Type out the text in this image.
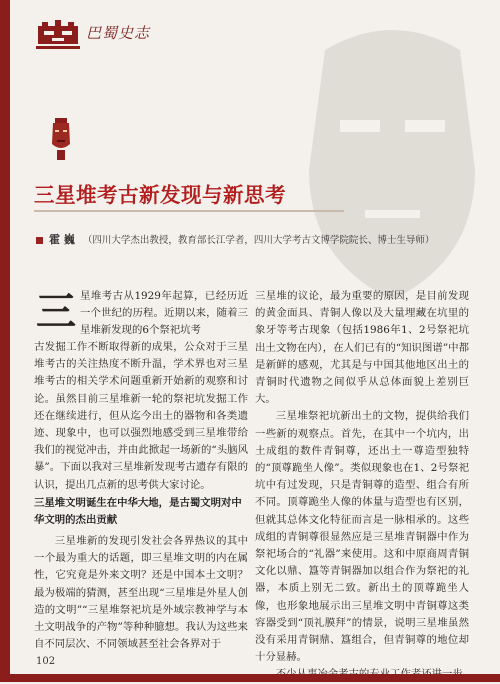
巴蜀史志
三星堆考古新发现与新思考
霍 巍 （四川大学杰出教授，教育部长江学者，四川大学考古文博学院院长、博士生导师）
三 星堆考古从1929年起算，已经历近一个世纪的历程。近期以来，随着三星堆新发现的6个祭祀坑考
古发掘工作不断取得新的成果，公众对于三星堆考古的关注热度不断升温，学术界也对三星堆考古的相关学术问题重新开始新的观察和讨论。虽然目前三星堆新一轮的祭祀坑发掘工作还在继续进行，但从迄今出土的器物和各类遗迹、现象中，也可以强烈地感受到三星堆带给我们的视觉冲击，并由此掀起一场新的“头脑风暴”。下面以我对三星堆新发现考古遗存有限的认识，提出几点新的思考供大家讨论。
三星堆文明诞生在中华大地，是古蜀文明对中华文明的杰出贡献

三星堆新的发现引发社会各界热议的其中一个最为重大的话题，即三星堆文明的内在属性，它究竟是外来文明？还是中国本土文明？最为极端的猜测，甚至出现“三星堆是外星人创造的文明”“三星堆祭祀坑是外域宗教神学与本土文明战争的产物”等种种臆想。我认为这些来自不同层次、不同领域甚至社会各界对于

三星堆的议论，最为重要的原因，是目前发现的黄金面具、青铜人像以及大量埋藏在坑里的象牙等考古现象（包括1986年1、2号祭祀坑出土文物在内），在人们已有的“知识图谱”中都是新鲜的感观，尤其是与中国其他地区出土的青铜时代遗物之间似乎从总体面貌上差别巨大。

三星堆祭祀坑新出土的文物，提供给我们一些新的观察点。首先，在其中一个坑内，出土成组的数件青铜尊，还出土一尊造型独特的“顶尊跪坐人像”。类似现象也在1、2号祭祀坑中有过发现，只是青铜尊的造型、组合有所不同。顶尊跪坐人像的体量与造型也有区别，但就其总体文化特征而言是一脉相承的。这些成组的青铜尊很显然应是三星堆青铜器中作为祭祀场合的“礼器”来使用。这和中原商周青铜文化以鼎、簋等青铜器加以组合作为祭祀的礼器，本质上别无二致。新出土的顶尊跪坐人像，也形象地展示出三星堆文明中青铜尊这类容器受到“顶礼膜拜”的情景，说明三星堆虽然没有采用青铜鼎、簋组合，但青铜尊的地位却十分显赫。

102
